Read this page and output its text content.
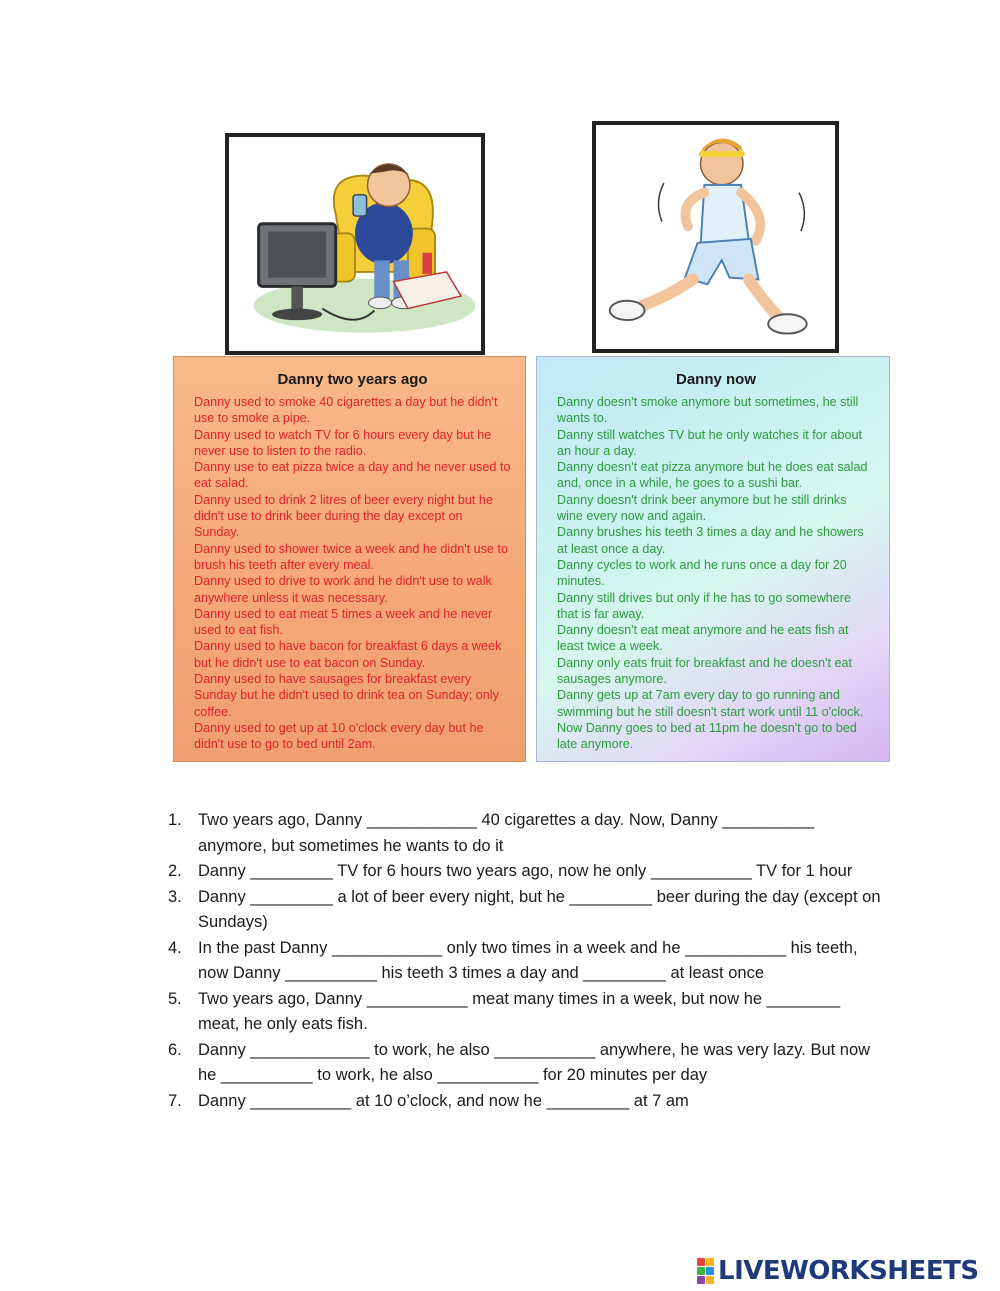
Danny two years ago

Danny used to smoke 40 cigarettes a day but he didn't use to smoke a pipe.

Danny used to watch TV for 6 hours every day but he never use to listen to the radio.

Danny use to eat pizza twice a day and he never used to eat salad.

Danny used to drink 2 litres of beer every night but he didn't use to drink beer during the day except on Sunday.

Danny used to shower twice a week and he didn't use to brush his teeth after every meal.

Danny used to drive to work and he didn't use to walk anywhere unless it was necessary.

Danny used to eat meat 5 times a week and he never used to eat fish.

Danny used to have bacon for breakfast 6 days a week but he didn't use to eat bacon on Sunday.

Danny used to have sausages for breakfast every Sunday but he didn't used to drink tea on Sunday; only coffee.

Danny used to get up at 10 o'clock every day but he didn't use to go to bed until 2am.

Danny now

Danny doesn't smoke anymore but sometimes, he still wants to.

Danny still watches TV but he only watches it for about an hour a day.

Danny doesn't eat pizza anymore but he does eat salad and, once in a while, he goes to a sushi bar.

Danny doesn't drink beer anymore but he still drinks wine every now and again.

Danny brushes his teeth 3 times a day and he showers at least once a day.

Danny cycles to work and he runs once a day for 20 minutes.

Danny still drives but only if he has to go somewhere that is far away.

Danny doesn't eat meat anymore and he eats fish at least twice a week.

Danny only eats fruit for breakfast and he doesn't eat sausages anymore.

Danny gets up at 7am every day to go running and swimming but he still doesn't start work until 11 o'clock.

Now Danny goes to bed at 11pm he doesn't go to bed late anymore.

1. Two years ago, Danny ____________ 40 cigarettes a day. Now, Danny __________ anymore, but sometimes he wants to do it
2. Danny _________ TV for 6 hours two years ago, now he only ___________ TV for 1 hour
3. Danny _________ a lot of beer every night, but he _________ beer during the day (except on Sundays)
4. In the past Danny ____________ only two times in a week and he ___________ his teeth, now Danny __________ his teeth 3 times a day and _________ at least once
5. Two years ago, Danny ___________ meat many times in a week, but now he ________ meat, he only eats fish.
6. Danny _____________ to work, he also ___________ anywhere, he was very lazy. But now he __________ to work, he also ___________ for 20 minutes per day
7. Danny ___________ at 10 o’clock, and now he _________ at 7 am
LIVEWORKSHEETS
